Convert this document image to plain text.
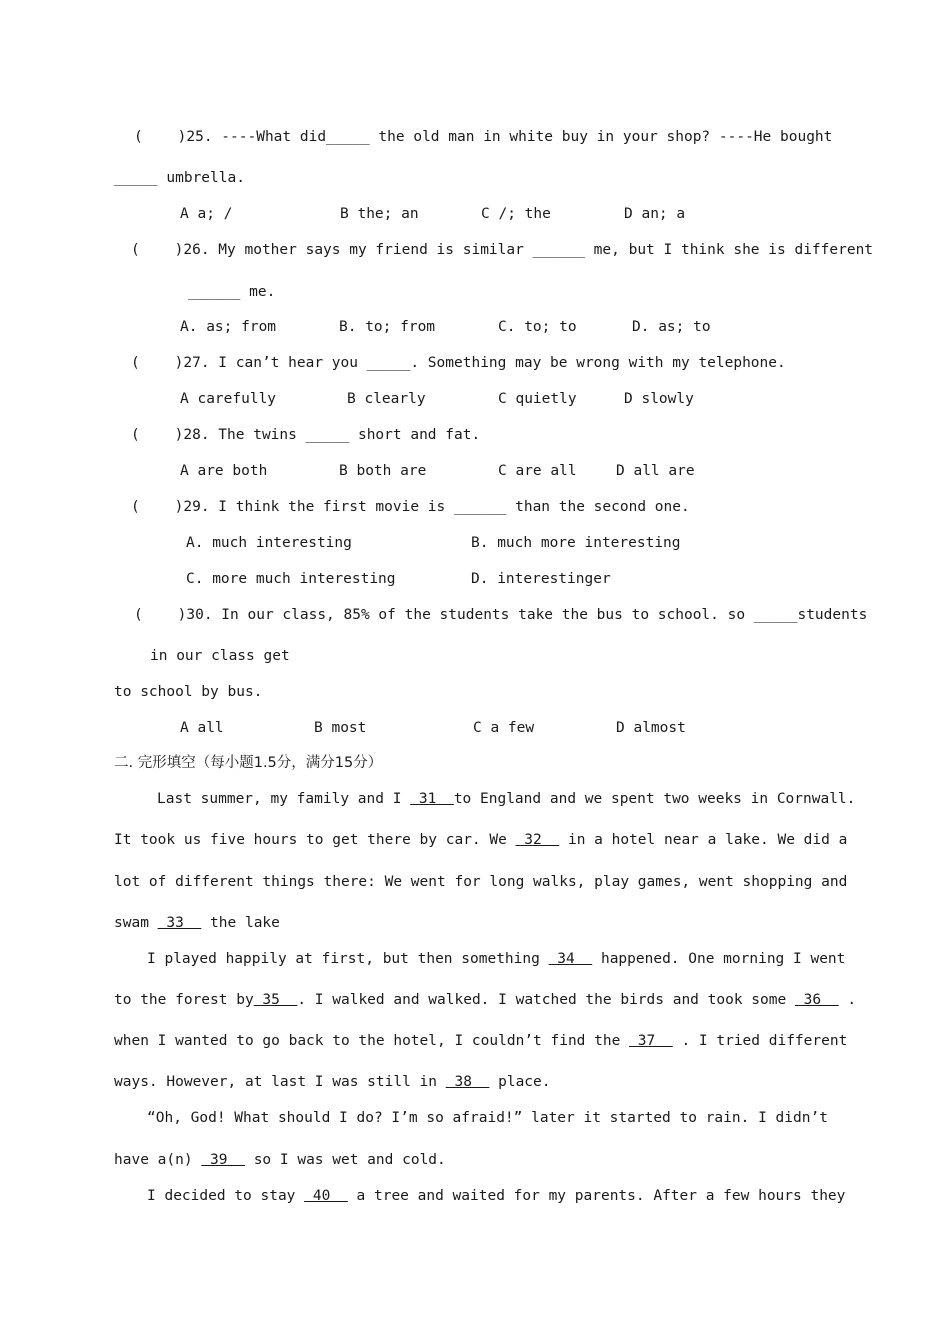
(    )25. ----What did_____ the old man in white buy in your shop? ----He bought
_____ umbrella.
A a; /	B the; an	C /; the	D an; a
(    )26. My mother says my friend is similar ______ me, but I think she is different
______ me.
A. as; from	B. to; from	C. to; to	D. as; to
(    )27. I can’t hear you _____. Something may be wrong with my telephone.
A carefully	B clearly	C quietly	D slowly
(    )28. The twins _____ short and fat.
A are both	B both are	C are all	D all are
(    )29. I think the first movie is ______ than the second one.
A. much interesting	B. much more interesting
C. more much interesting	D. interestinger
(    )30. In our class, 85% of the students take the bus to school. so _____students
in our class get
to school by bus.
A all	B most	C a few	D almost
二. 完形填空（每小题1.5分，满分15分）
Last summer, my family and I  31  to England and we spent two weeks in Cornwall.
It took us five hours to get there by car. We  32   in a hotel near a lake. We did a
lot of different things there: We went for long walks, play games, went shopping and
swam  33   the lake
I played happily at first, but then something  34   happened. One morning I went
to the forest by 35  . I walked and walked. I watched the birds and took some  36   .
when I wanted to go back to the hotel, I couldn’t find the  37   . I tried different
ways. However, at last I was still in  38   place.
“Oh, God! What should I do? I’m so afraid!” later it started to rain. I didn’t
have a(n)  39   so I was wet and cold.
I decided to stay  40   a tree and waited for my parents. After a few hours they
